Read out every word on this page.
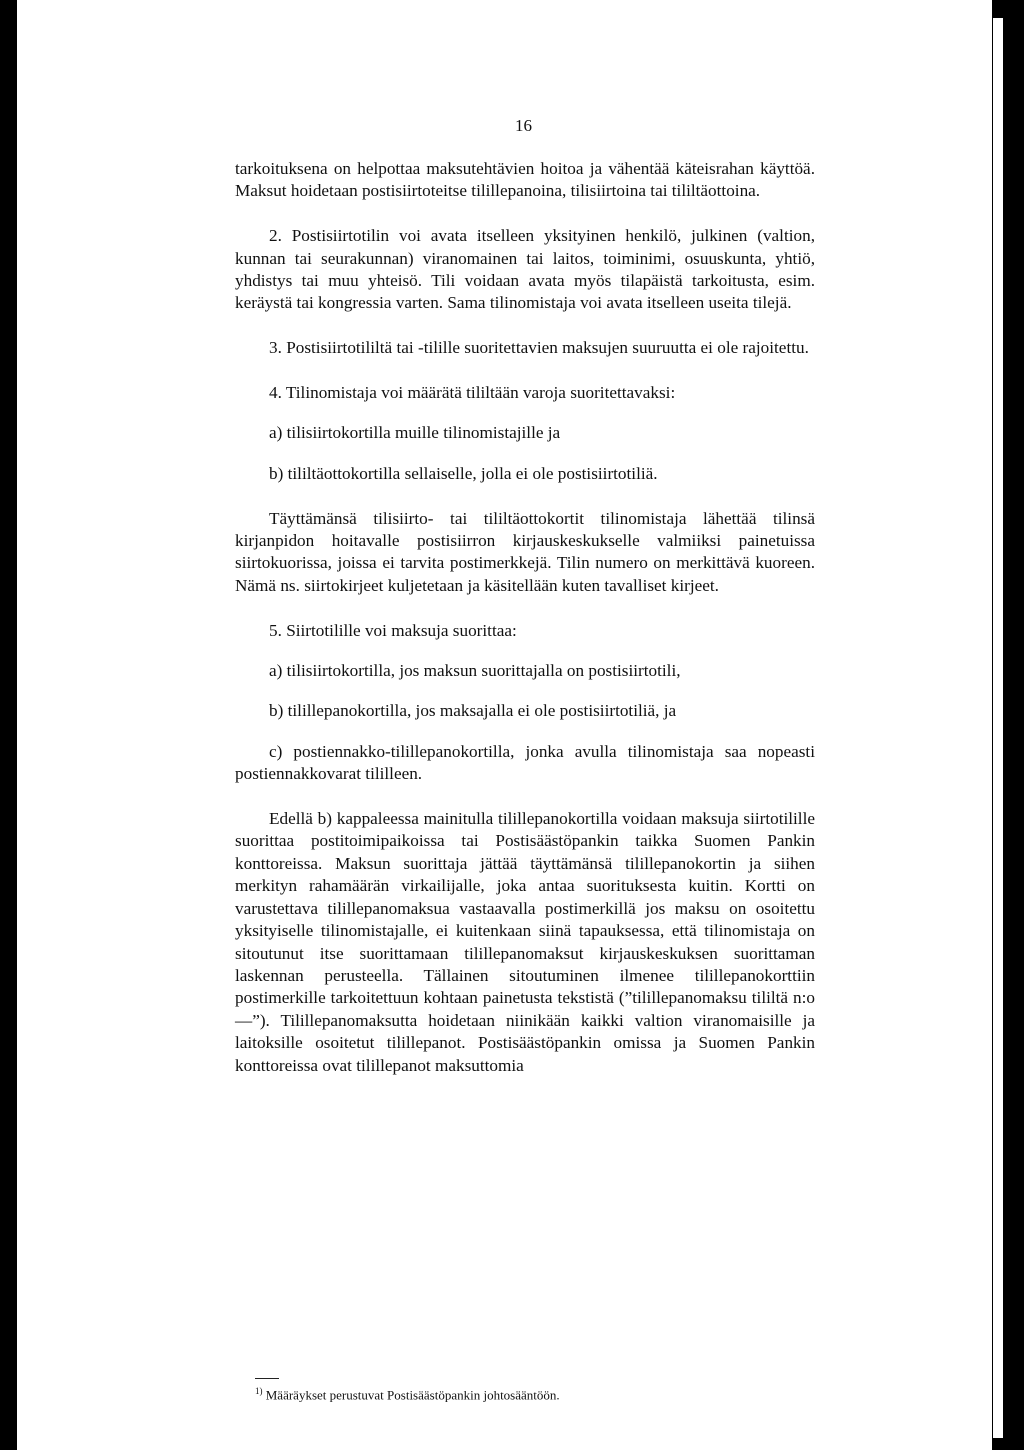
16

tarkoituksena on helpottaa maksutehtävien hoitoa ja vähentää käteisrahan käyttöä. Maksut hoidetaan postisiirtoteitse tilillepanoina, tilisiirtoina tai tililtäottoina.

2. Postisiirtotilin voi avata itselleen yksityinen henkilö, julkinen (valtion, kunnan tai seurakunnan) viranomainen tai laitos, toiminimi, osuuskunta, yhtiö, yhdistys tai muu yhteisö. Tili voidaan avata myös tilapäistä tarkoitusta, esim. keräystä tai kongressia varten. Sama tilinomistaja voi avata itselleen useita tilejä.

3. Postisiirtotililtä tai -tilille suoritettavien maksujen suuruutta ei ole rajoitettu.

4. Tilinomistaja voi määrätä tililtään varoja suoritettavaksi:

a) tilisiirtokortilla muille tilinomistajille ja

b) tililtäottokortilla sellaiselle, jolla ei ole postisiirtotiliä.

Täyttämänsä tilisiirto- tai tililtäottokortit tilinomistaja lähettää tilinsä kirjanpidon hoitavalle postisiirron kirjauskeskukselle valmiiksi painetuissa siirtokuorissa, joissa ei tarvita postimerkkejä. Tilin numero on merkittävä kuoreen. Nämä ns. siirtokirjeet kuljetetaan ja käsitellään kuten tavalliset kirjeet.

5. Siirtotilille voi maksuja suorittaa:

a) tilisiirtokortilla, jos maksun suorittajalla on postisiirtotili,

b) tilillepanokortilla, jos maksajalla ei ole postisiirtotiliä, ja

c) postiennakko-tilillepanokortilla, jonka avulla tilinomistaja saa nopeasti postiennakkovarat tililleen.

Edellä b) kappaleessa mainitulla tilillepanokortilla voidaan maksuja siirtotilille suorittaa postitoimipaikoissa tai Postisäästöpankin taikka Suomen Pankin konttoreissa. Maksun suorittaja jättää täyttämänsä tilillepanokortin ja siihen merkityn rahamäärän virkailijalle, joka antaa suorituksesta kuitin. Kortti on varustettava tilillepanomaksua vastaavalla postimerkillä jos maksu on osoitettu yksityiselle tilinomistajalle, ei kuitenkaan siinä tapauksessa, että tilinomistaja on sitoutunut itse suorittamaan tilillepanomaksut kirjauskeskuksen suorittaman laskennan perusteella. Tällainen sitoutuminen ilmenee tilillepanokorttiin postimerkille tarkoitettuun kohtaan painetusta tekstistä (”tilillepanomaksu tililtä n:o —”). Tilillepanomaksutta hoidetaan niinikään kaikki valtion viranomaisille ja laitoksille osoitetut tilillepanot. Postisäästöpankin omissa ja Suomen Pankin konttoreissa ovat tilillepanot maksuttomia

$^{1)}$ Määräykset perustuvat Postisäästöpankin johtosääntöön.
